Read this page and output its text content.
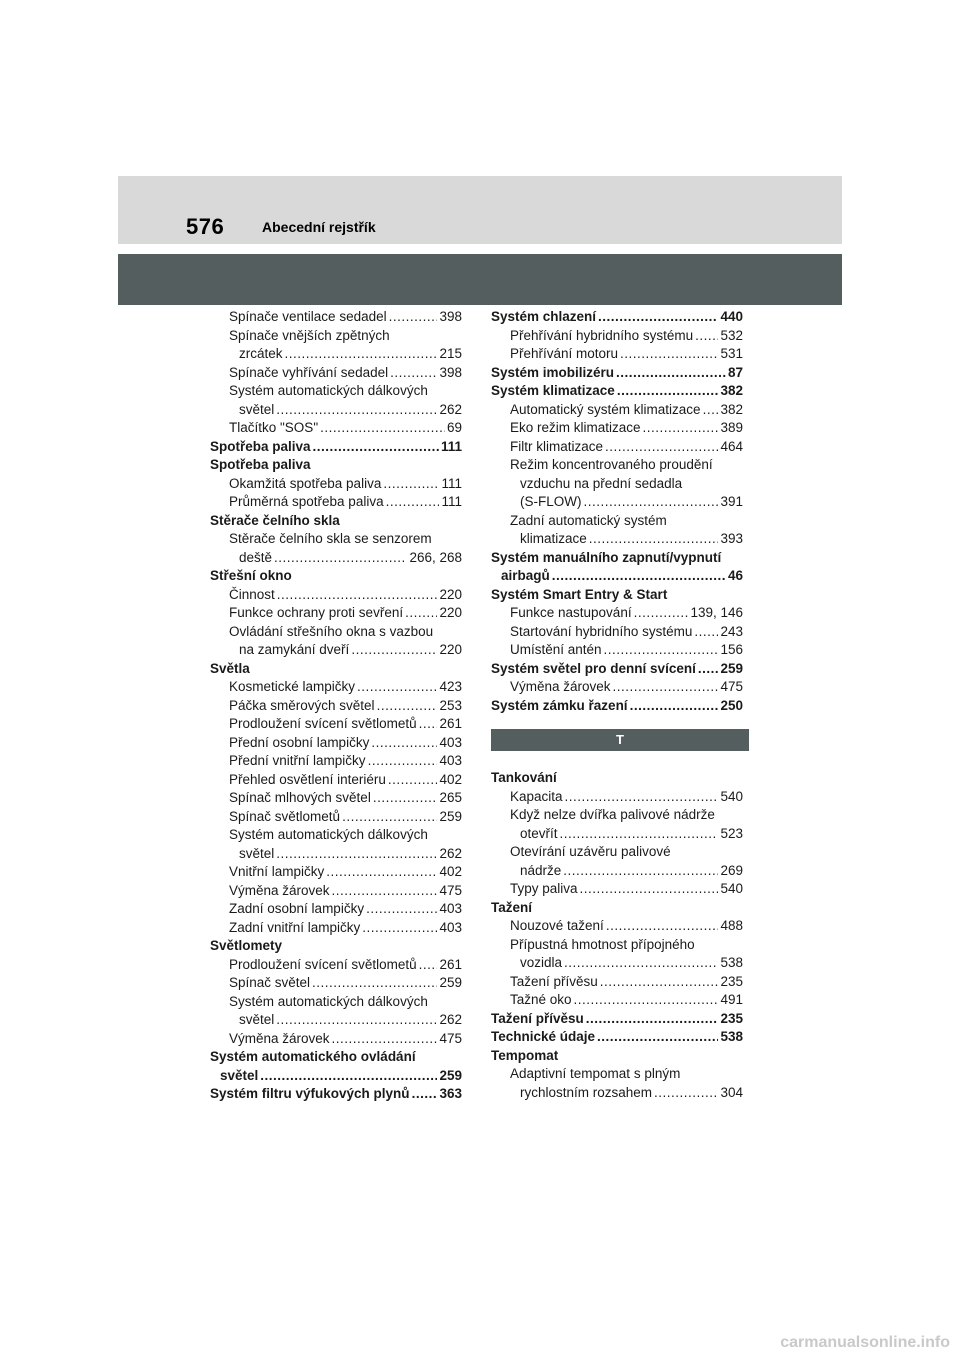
576	Abecední rejstřík
Spínače ventilace sedadel .....	398
Spínače vnějších zpětných
zrcátek .....	215
Spínače vyhřívání sedadel .....	398
Systém automatických dálkových
světel .....	262
Tlačítko "SOS" .....	69
Spotřeba paliva .....	111
Spotřeba paliva
Okamžitá spotřeba paliva .....	111
Průměrná spotřeba paliva .....	111
Stěrače čelního skla
Stěrače čelního skla se senzorem
deště .....	266, 268
Střešní okno
Činnost .....	220
Funkce ochrany proti sevření .....	220
Ovládání střešního okna s vazbou
na zamykání dveří .....	220
Světla
Kosmetické lampičky .....	423
Páčka směrových světel .....	253
Prodloužení svícení světlometů ..... 261
Přední osobní lampičky .....	403
Přední vnitřní lampičky .....	403
Přehled osvětlení interiéru .....	402
Spínač mlhových světel .....	265
Spínač světlometů .....	259
Systém automatických dálkových
světel .....	262
Vnitřní lampičky .....	402
Výměna žárovek .....	475
Zadní osobní lampičky .....	403
Zadní vnitřní lampičky .....	403
Světlomety
Prodloužení svícení světlometů ..... 261
Spínač světel .....	259
Systém automatických dálkových
světel .....	262
Výměna žárovek .....	475
Systém automatického ovládání
světel .....	259
Systém filtru výfukových plynů ..... 363
Systém chlazení .....	440
Přehřívání hybridního systému ..... 532
Přehřívání motoru .....	531
Systém imobilizéru .....	87
Systém klimatizace .....	382
Automatický systém klimatizace ..... 382
Eko režim klimatizace .....	389
Filtr klimatizace .....	464
Režim koncentrovaného proudění
vzduchu na přední sedadla
(S-FLOW) .....	391
Zadní automatický systém
klimatizace .....	393
Systém manuálního zapnutí/vypnutí
airbagů .....	46
Systém Smart Entry & Start
Funkce nastupování .....	139, 146
Startování hybridního systému ..... 243
Umístění antén .....	156
Systém světel pro denní svícení ..... 259
Výměna žárovek .....	475
Systém zámku řazení .....	250
T
Tankování
Kapacita .....	540
Když nelze dvířka palivové nádrže
otevřít .....	523
Otevírání uzávěru palivové
nádrže .....	269
Typy paliva .....	540
Tažení
Nouzové tažení .....	488
Přípustná hmotnost přípojného
vozidla .....	538
Tažení přívěsu .....	235
Tažné oko .....	491
Tažení přívěsu .....	235
Technické údaje .....	538
Tempomat
Adaptivní tempomat s plným
rychlostním rozsahem .....	304
carmanualsonline.info
